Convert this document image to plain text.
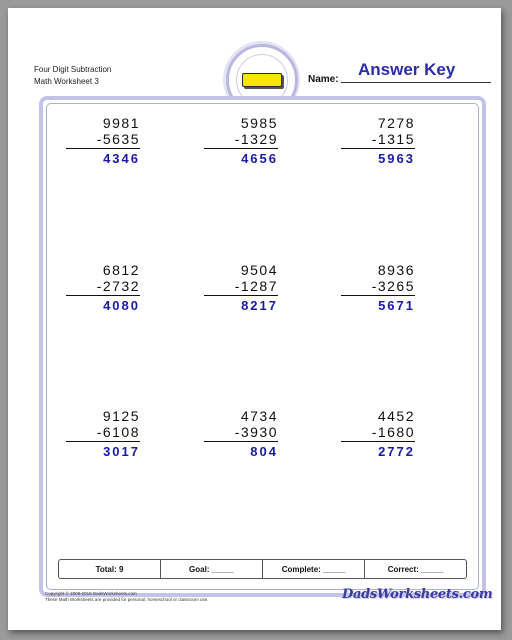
Four Digit Subtraction
Math Worksheet 3	Name:
Answer Key
9981
-5635
4346
5985
-1329
4656
7278
-1315
5963
6812
-2732
4080
9504
-1287
8217
8936
-3265
5671
9125
-6108
3017
4734
-3930
804
4452
-1680
2772
Total: 9	Goal: _____	Complete: _____	Correct: _____
Copyright © 2008-2019 DadsWorksheets.com
These Math Worksheets are provided for personal, homeschool or classroom use.	DadsWorksheets.com
